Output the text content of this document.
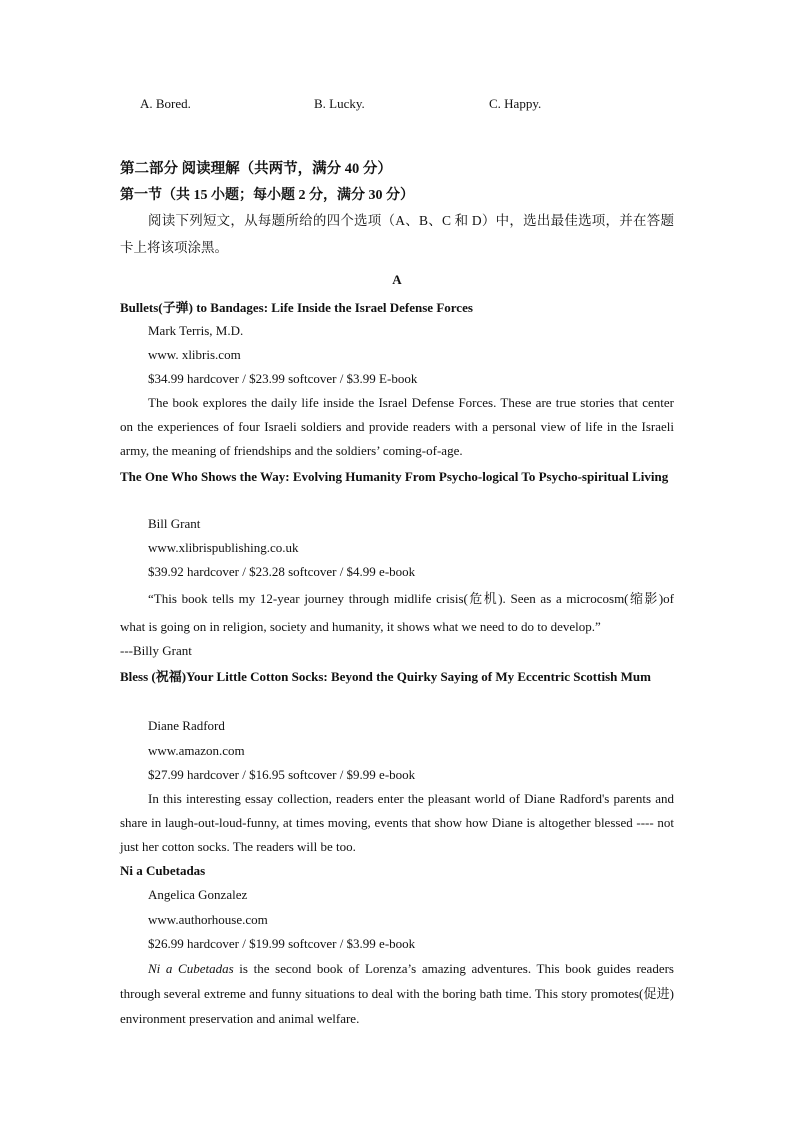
A. Bored.	B. Lucky.	C. Happy.
第二部分 阅读理解（共两节，满分 40 分）
第一节（共 15 小题；每小题 2 分，满分 30 分）
阅读下列短文，从每题所给的四个选项（A、B、C 和 D）中，选出最佳选项，并在答题卡上将该项涂黑。
A
Bullets(子弹) to Bandages: Life Inside the Israel Defense Forces
Mark Terris, M.D.
www. xlibris.com
$34.99 hardcover / $23.99 softcover / $3.99 E-book
The book explores the daily life inside the Israel Defense Forces. These are true stories that center on the experiences of four Israeli soldiers and provide readers with a personal view of life in the Israeli army, the meaning of friendships and the soldiers’ coming-of-age.
The One Who Shows the Way: Evolving Humanity From Psycho-logical To Psycho-spiritual Living
Bill Grant
www.xlibrispublishing.co.uk
$39.92 hardcover / $23.28 softcover / $4.99 e-book
“This book tells my 12-year journey through midlife crisis(危机). Seen as a microcosm(缩影)of what is going on in religion, society and humanity, it shows what we need to do to develop.”
---Billy Grant
Bless (祝福)Your Little Cotton Socks: Beyond the Quirky Saying of My Eccentric Scottish Mum
Diane Radford
www.amazon.com
$27.99 hardcover / $16.95 softcover / $9.99 e-book
In this interesting essay collection, readers enter the pleasant world of Diane Radford's parents and share in laugh-out-loud-funny, at times moving, events that show how Diane is altogether blessed ---- not just her cotton socks. The readers will be too.
Ni a Cubetadas
Angelica Gonzalez
www.authorhouse.com
$26.99 hardcover / $19.99 softcover / $3.99 e-book
Ni a Cubetadas is the second book of Lorenza’s amazing adventures. This book guides readers through several extreme and funny situations to deal with the boring bath time. This story promotes(促进) environment preservation and animal welfare.
